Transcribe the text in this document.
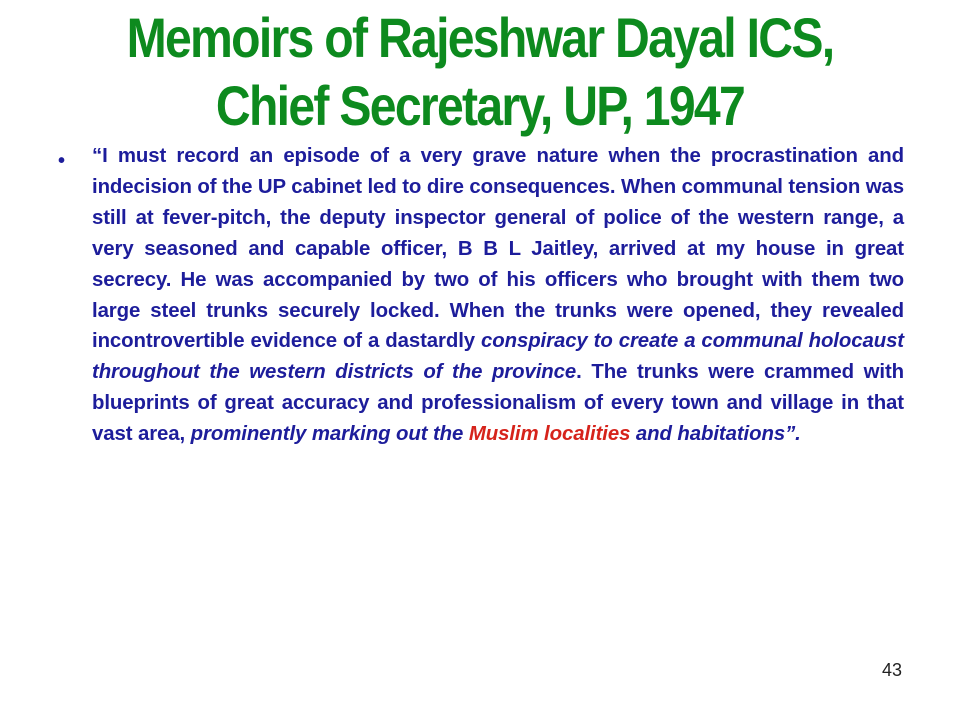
Memoirs of Rajeshwar Dayal ICS,
Chief Secretary, UP, 1947
• “I must record an episode of a very grave nature when the procrastination and indecision of the UP cabinet led to dire consequences. When communal tension was still at fever-pitch, the deputy inspector general of police of the western range, a very seasoned and capable officer, B B L Jaitley, arrived at my house in great secrecy. He was accompanied by two of his officers who brought with them two large steel trunks securely locked. When the trunks were opened, they revealed incontrovertible evidence of a dastardly conspiracy to create a communal holocaust throughout the western districts of the province. The trunks were crammed with blueprints of great accuracy and professionalism of every town and village in that vast area, prominently marking out the Muslim localities and habitations”.

43
